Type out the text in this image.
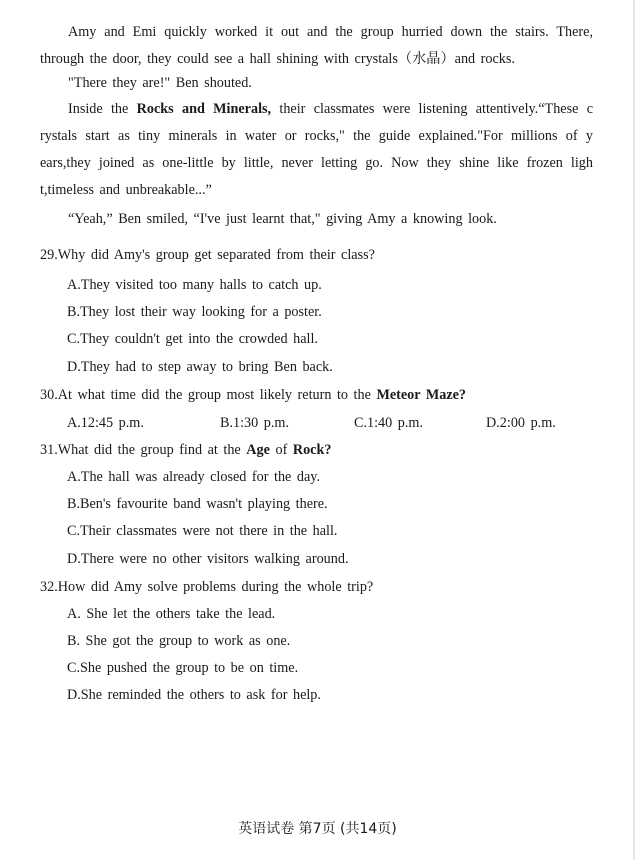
Amy and Emi quickly worked it out and the group hurried down the stairs. There, through the door, they could see a hall shining with crystals（水晶）and rocks.
"There they are!" Ben shouted.
Inside the Rocks and Minerals, their classmates were listening attentively.“These c rystals start as tiny minerals in water or rocks," the guide explained."For millions of y ears,they joined as one-little by little, never letting go. Now they shine like frozen ligh t,timeless and unbreakable...”
“Yeah,” Ben smiled, “I've just learnt that," giving Amy a knowing look.
29.Why did Amy's group get separated from their class?
A.They visited too many halls to catch up.
B.They lost their way looking for a poster.
C.They couldn't get into the crowded hall.
D.They had to step away to bring Ben back.
30.At what time did the group most likely return to the Meteor Maze?
A.12:45 p.m.	B.1:30 p.m.	C.1:40 p.m.	D.2:00 p.m.
31.What did the group find at the Age of Rock?
A.The hall was already closed for the day.
B.Ben's favourite band wasn't playing there.
C.Their classmates were not there in the hall.
D.There were no other visitors walking around.
32.How did Amy solve problems during the whole trip?
A. She let the others take the lead.
B. She got the group to work as one.
C.She pushed the group to be on time.
D.She reminded the others to ask for help.
英语试卷 第7页 (共14页)
